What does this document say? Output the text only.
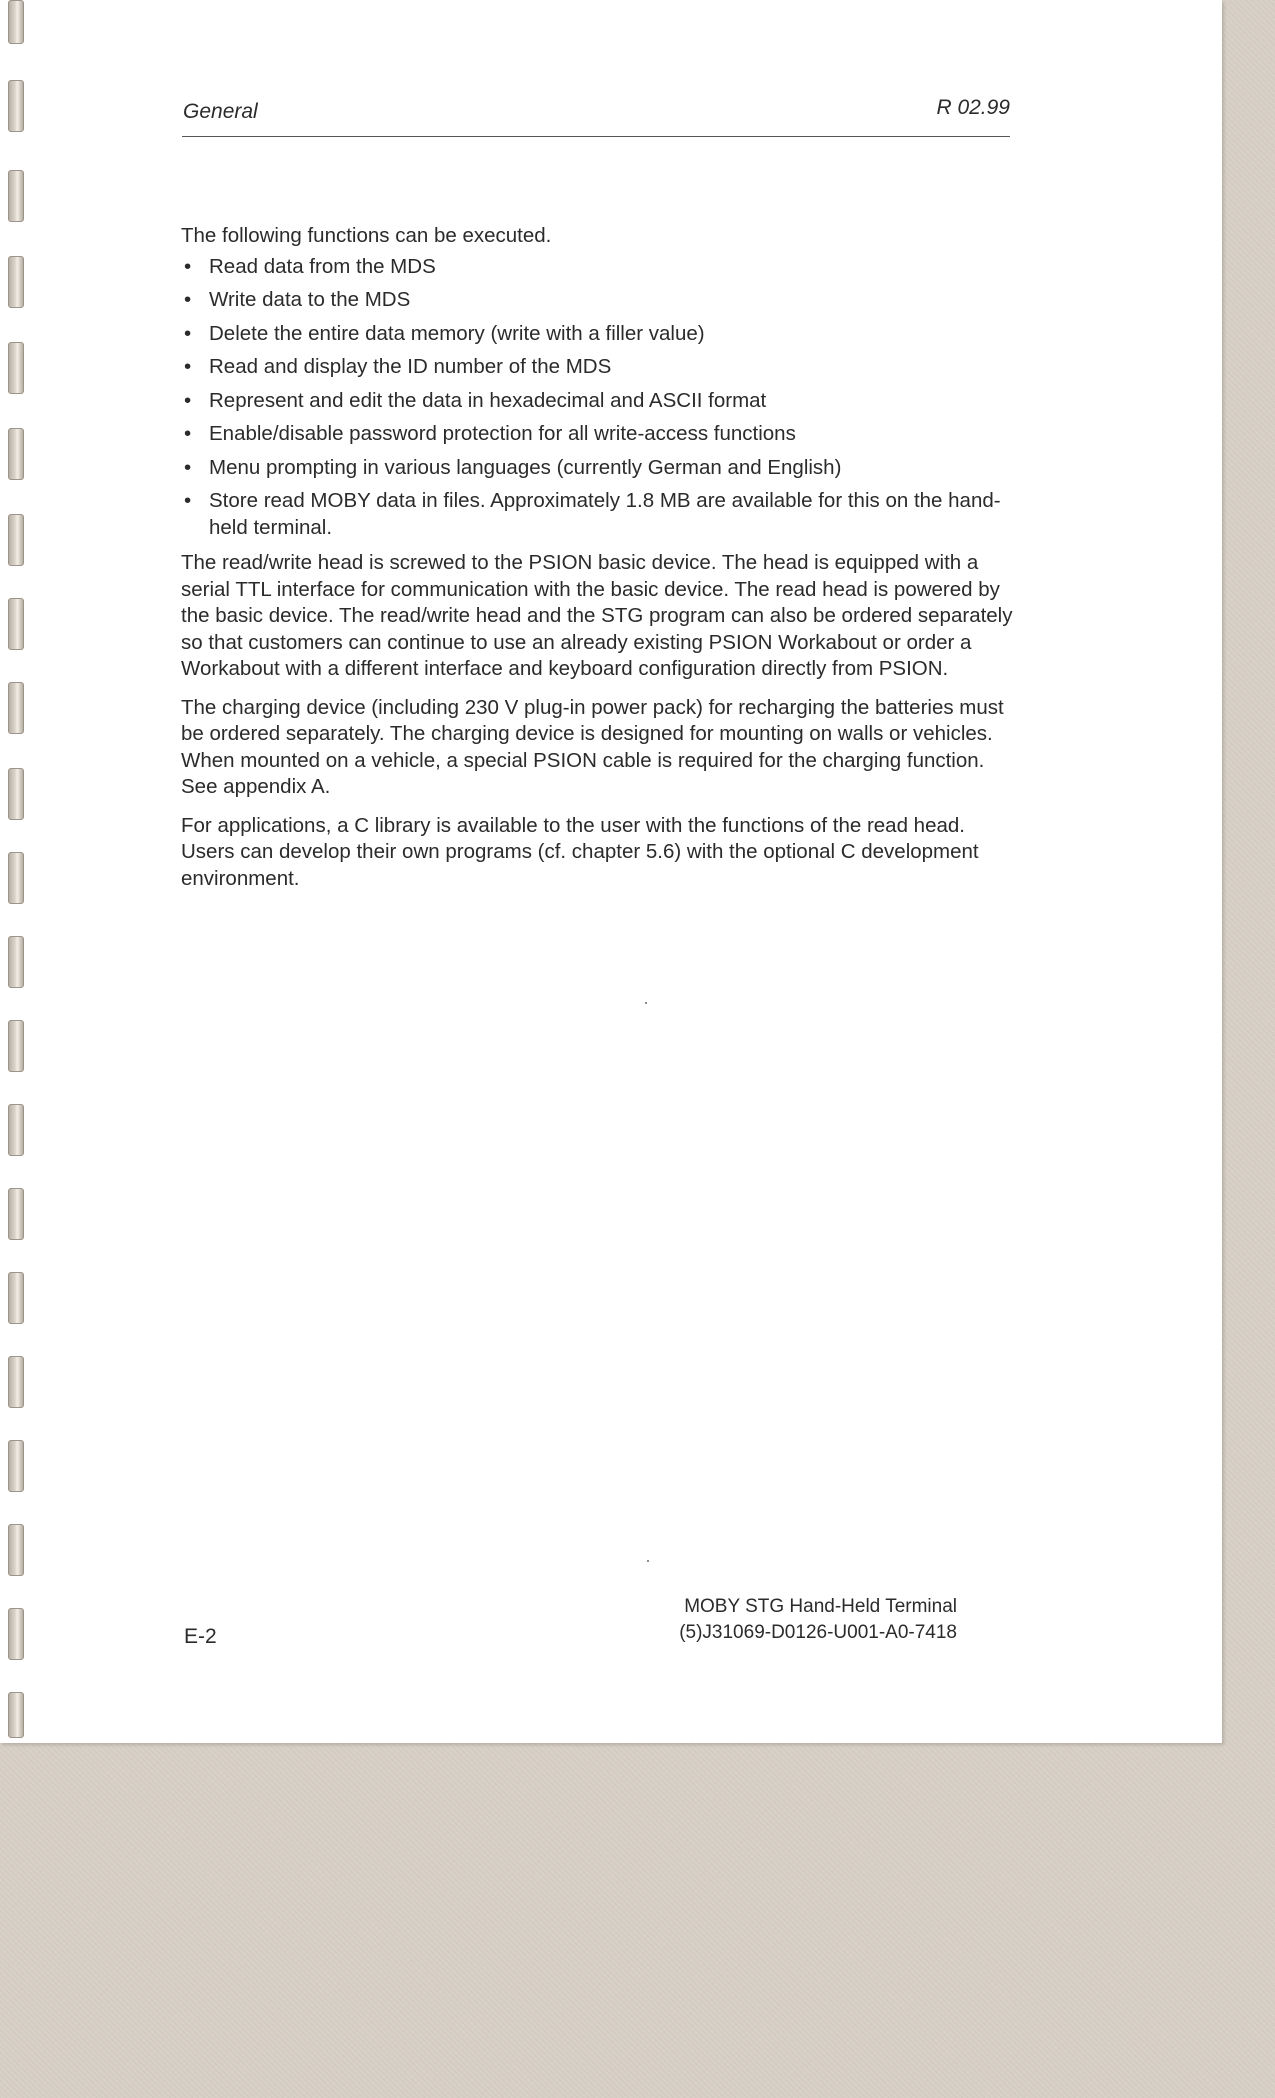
General	R 02.99

The following functions can be executed.

• Read data from the MDS
• Write data to the MDS
• Delete the entire data memory (write with a filler value)
• Read and display the ID number of the MDS
• Represent and edit the data in hexadecimal and ASCII format
• Enable/disable password protection for all write-access functions
• Menu prompting in various languages (currently German and English)
• Store read MOBY data in files. Approximately 1.8 MB are available for this on the hand-held terminal.

The read/write head is screwed to the PSION basic device. The head is equipped with a serial TTL interface for communication with the basic device. The read head is powered by the basic device. The read/write head and the STG program can also be ordered separately so that customers can continue to use an already existing PSION Workabout or order a Workabout with a different interface and keyboard configuration directly from PSION.

The charging device (including 230 V plug-in power pack) for recharging the batteries must be ordered separately. The charging device is designed for mounting on walls or vehicles. When mounted on a vehicle, a special PSION cable is required for the charging function. See appendix A.

For applications, a C library is available to the user with the functions of the read head. Users can develop their own programs (cf. chapter 5.6) with the optional C development environment.

E-2
MOBY STG Hand-Held Terminal
(5)J31069-D0126-U001-A0-7418
